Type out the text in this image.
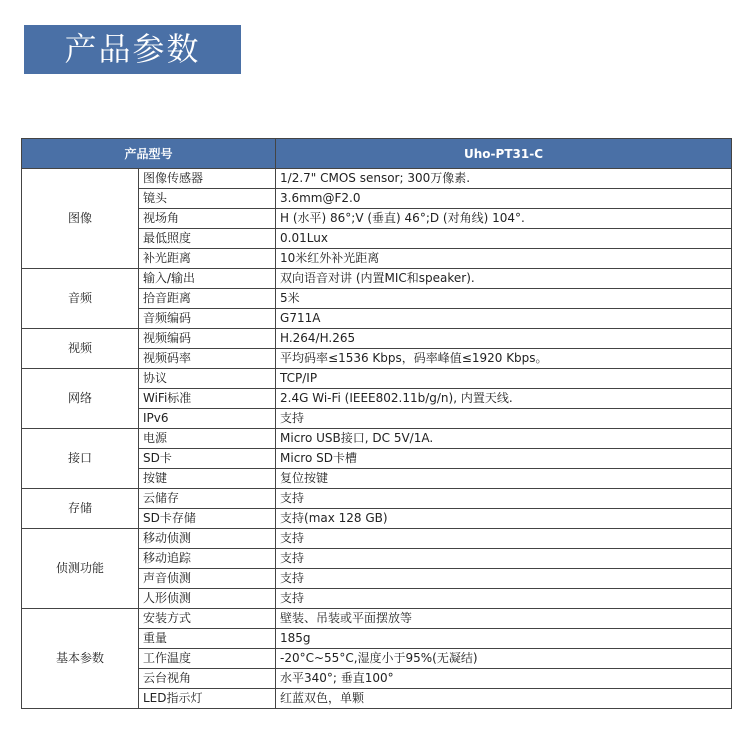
产品参数
产品型号		Uho-PT31-C
图像	图像传感器	1/2.7" CMOS sensor; 300万像素.
	镜头	3.6mm@F2.0
	视场角	H (水平) 86°;V (垂直) 46°;D (对角线) 104°.
	最低照度	0.01Lux
	补光距离	10米红外补光距离
音频	输入/输出	双向语音对讲 (内置MIC和speaker).
	拾音距离	5米
	音频编码	G711A
视频	视频编码	H.264/H.265
	视频码率	平均码率≤1536 Kbps，码率峰值≤1920 Kbps。
网络	协议	TCP/IP
	WiFi标准	2.4G Wi-Fi (IEEE802.11b/g/n), 内置天线.
	IPv6	支持
接口	电源	Micro USB接口, DC 5V/1A.
	SD卡	Micro SD卡槽
	按键	复位按键
存储	云储存	支持
	SD卡存储	支持(max 128 GB)
侦测功能	移动侦测	支持
	移动追踪	支持
	声音侦测	支持
	人形侦测	支持
基本参数	安装方式	壁装、吊装或平面摆放等
	重量	185g
	工作温度	-20°C~55°C,湿度小于95%(无凝结)
	云台视角	水平340°; 垂直100°
	LED指示灯	红蓝双色，单颗
